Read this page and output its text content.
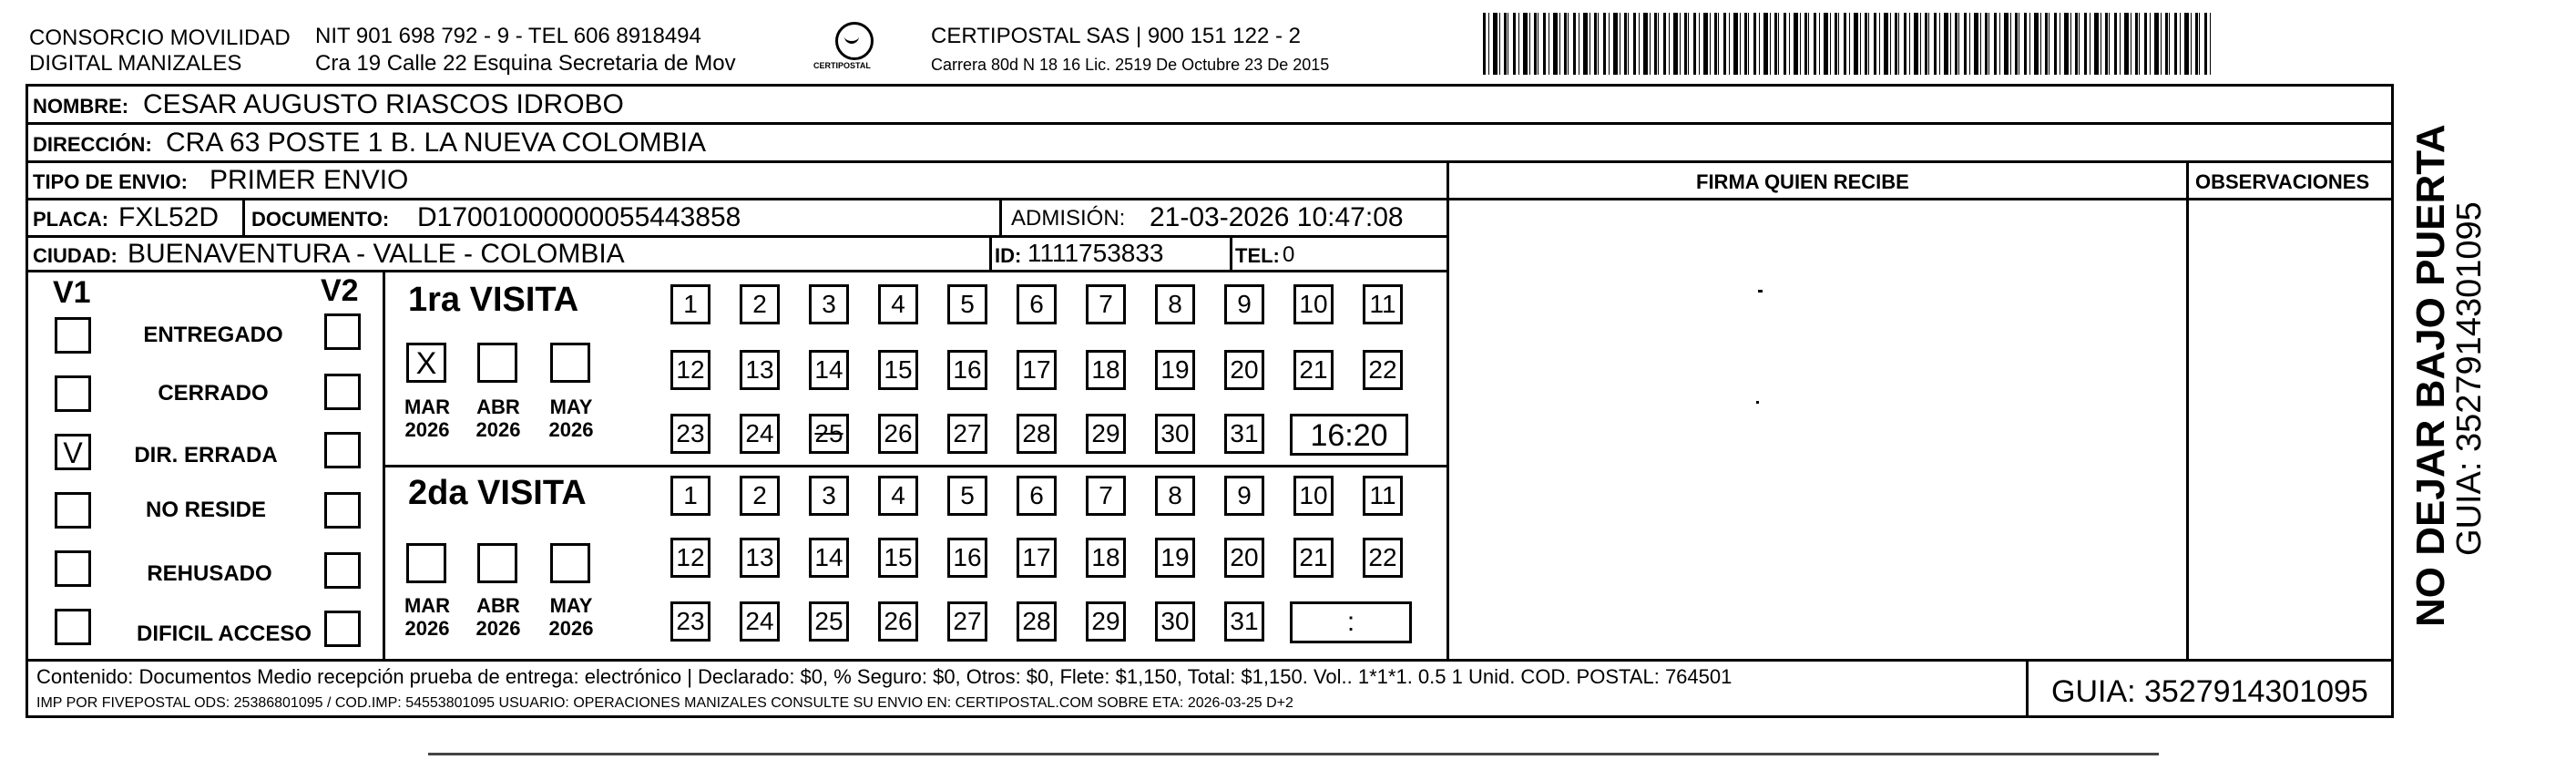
CONSORCIO MOVILIDAD
DIGITAL MANIZALES
NIT 901 698 792 - 9 - TEL 606 8918494
Cra 19 Calle 22 Esquina Secretaria de Mov	CERTIPOSTAL
CERTIPOSTAL SAS | 900 151 122 - 2
Carrera 80d N 18 16 Lic. 2519 De Octubre 23 De 2015
NOMBRE: CESAR AUGUSTO RIASCOS IDROBO
DIRECCIÓN: CRA 63 POSTE 1 B. LA NUEVA COLOMBIA
TIPO DE ENVIO: PRIMER ENVIO	FIRMA QUIEN RECIBE	OBSERVACIONES
PLACA: FXL52D DOCUMENTO: D17001000000055443858	ADMISIÓN: 21-03-2026 10:47:08
CIUDAD: BUENAVENTURA - VALLE - COLOMBIA	ID: 1111753833	TEL: 0
V1	V2
ENTREGADO
CERRADO
V	DIR. ERRADA
NO RESIDE
REHUSADO
DIFICIL ACCESO
1ra VISITA
X
MAR
2026
ABR
2026
MAY
2026
1	2	3	4	5	6	7	8	9	10 11
12 13 14 15 16 17 18 19 20 21 22
23 24 25 26 27 28 29 30 31	16:20
2da VISITA
MAR
2026
ABR
2026
MAY
2026
1	2	3	4	5	6	7	8	9	10 11
12 13 14 15 16 17 18 19 20 21 22
23 24 25 26 27 28 29 30 31	:
Contenido: Documentos Medio recepción prueba de entrega: electrónico | Declarado: $0, % Seguro: $0, Otros: $0, Flete: $1,150, Total: $1,150. Vol.. 1*1*1. 0.5 1 Unid. COD. POSTAL: 764501
IMP POR FIVEPOSTAL ODS: 25386801095 / COD.IMP: 54553801095 USUARIO: OPERACIONES MANIZALES CONSULTE SU ENVIO EN: CERTIPOSTAL.COM SOBRE ETA: 2026-03-25 D+2	GUIA: 3527914301095
NO DEJAR BAJO PUERTA
GUIA: 3527914301095
